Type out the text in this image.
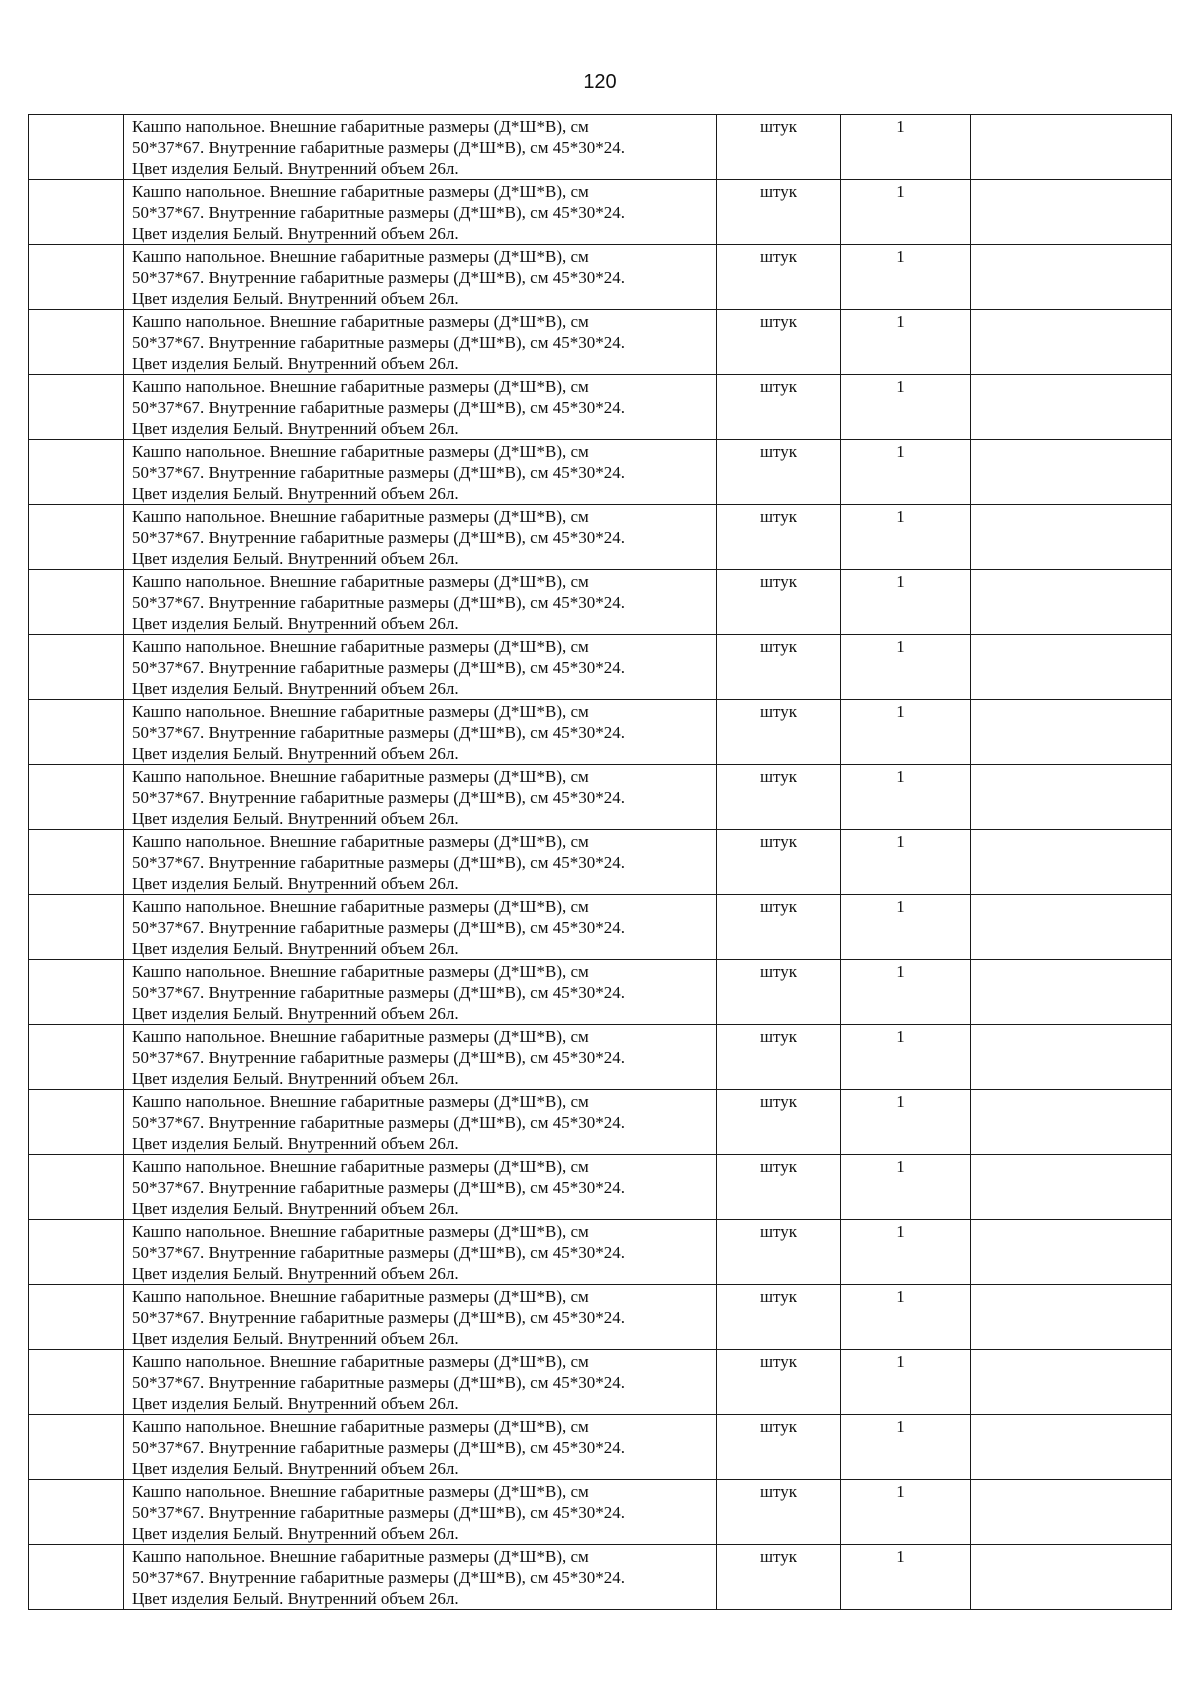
120

	Кашпо напольное. Внешние габаритные размеры (Д*Ш*В), см
50*37*67. Внутренние габаритные размеры (Д*Ш*В), см 45*30*24.
Цвет изделия Белый. Внутренний объем 26л.	штук	1	

	Кашпо напольное. Внешние габаритные размеры (Д*Ш*В), см
50*37*67. Внутренние габаритные размеры (Д*Ш*В), см 45*30*24.
Цвет изделия Белый. Внутренний объем 26л.	штук	1	

	Кашпо напольное. Внешние габаритные размеры (Д*Ш*В), см
50*37*67. Внутренние габаритные размеры (Д*Ш*В), см 45*30*24.
Цвет изделия Белый. Внутренний объем 26л.	штук	1	

	Кашпо напольное. Внешние габаритные размеры (Д*Ш*В), см
50*37*67. Внутренние габаритные размеры (Д*Ш*В), см 45*30*24.
Цвет изделия Белый. Внутренний объем 26л.	штук	1	

	Кашпо напольное. Внешние габаритные размеры (Д*Ш*В), см
50*37*67. Внутренние габаритные размеры (Д*Ш*В), см 45*30*24.
Цвет изделия Белый. Внутренний объем 26л.	штук	1	

	Кашпо напольное. Внешние габаритные размеры (Д*Ш*В), см
50*37*67. Внутренние габаритные размеры (Д*Ш*В), см 45*30*24.
Цвет изделия Белый. Внутренний объем 26л.	штук	1	

	Кашпо напольное. Внешние габаритные размеры (Д*Ш*В), см
50*37*67. Внутренние габаритные размеры (Д*Ш*В), см 45*30*24.
Цвет изделия Белый. Внутренний объем 26л.	штук	1	

	Кашпо напольное. Внешние габаритные размеры (Д*Ш*В), см
50*37*67. Внутренние габаритные размеры (Д*Ш*В), см 45*30*24.
Цвет изделия Белый. Внутренний объем 26л.	штук	1	

	Кашпо напольное. Внешние габаритные размеры (Д*Ш*В), см
50*37*67. Внутренние габаритные размеры (Д*Ш*В), см 45*30*24.
Цвет изделия Белый. Внутренний объем 26л.	штук	1	

	Кашпо напольное. Внешние габаритные размеры (Д*Ш*В), см
50*37*67. Внутренние габаритные размеры (Д*Ш*В), см 45*30*24.
Цвет изделия Белый. Внутренний объем 26л.	штук	1	

	Кашпо напольное. Внешние габаритные размеры (Д*Ш*В), см
50*37*67. Внутренние габаритные размеры (Д*Ш*В), см 45*30*24.
Цвет изделия Белый. Внутренний объем 26л.	штук	1	

	Кашпо напольное. Внешние габаритные размеры (Д*Ш*В), см
50*37*67. Внутренние габаритные размеры (Д*Ш*В), см 45*30*24.
Цвет изделия Белый. Внутренний объем 26л.	штук	1	

	Кашпо напольное. Внешние габаритные размеры (Д*Ш*В), см
50*37*67. Внутренние габаритные размеры (Д*Ш*В), см 45*30*24.
Цвет изделия Белый. Внутренний объем 26л.	штук	1	

	Кашпо напольное. Внешние габаритные размеры (Д*Ш*В), см
50*37*67. Внутренние габаритные размеры (Д*Ш*В), см 45*30*24.
Цвет изделия Белый. Внутренний объем 26л.	штук	1	

	Кашпо напольное. Внешние габаритные размеры (Д*Ш*В), см
50*37*67. Внутренние габаритные размеры (Д*Ш*В), см 45*30*24.
Цвет изделия Белый. Внутренний объем 26л.	штук	1	

	Кашпо напольное. Внешние габаритные размеры (Д*Ш*В), см
50*37*67. Внутренние габаритные размеры (Д*Ш*В), см 45*30*24.
Цвет изделия Белый. Внутренний объем 26л.	штук	1	

	Кашпо напольное. Внешние габаритные размеры (Д*Ш*В), см
50*37*67. Внутренние габаритные размеры (Д*Ш*В), см 45*30*24.
Цвет изделия Белый. Внутренний объем 26л.	штук	1	

	Кашпо напольное. Внешние габаритные размеры (Д*Ш*В), см
50*37*67. Внутренние габаритные размеры (Д*Ш*В), см 45*30*24.
Цвет изделия Белый. Внутренний объем 26л.	штук	1	

	Кашпо напольное. Внешние габаритные размеры (Д*Ш*В), см
50*37*67. Внутренние габаритные размеры (Д*Ш*В), см 45*30*24.
Цвет изделия Белый. Внутренний объем 26л.	штук	1	

	Кашпо напольное. Внешние габаритные размеры (Д*Ш*В), см
50*37*67. Внутренние габаритные размеры (Д*Ш*В), см 45*30*24.
Цвет изделия Белый. Внутренний объем 26л.	штук	1	

	Кашпо напольное. Внешние габаритные размеры (Д*Ш*В), см
50*37*67. Внутренние габаритные размеры (Д*Ш*В), см 45*30*24.
Цвет изделия Белый. Внутренний объем 26л.	штук	1	

	Кашпо напольное. Внешние габаритные размеры (Д*Ш*В), см
50*37*67. Внутренние габаритные размеры (Д*Ш*В), см 45*30*24.
Цвет изделия Белый. Внутренний объем 26л.	штук	1	

	Кашпо напольное. Внешние габаритные размеры (Д*Ш*В), см
50*37*67. Внутренние габаритные размеры (Д*Ш*В), см 45*30*24.
Цвет изделия Белый. Внутренний объем 26л.	штук	1	
